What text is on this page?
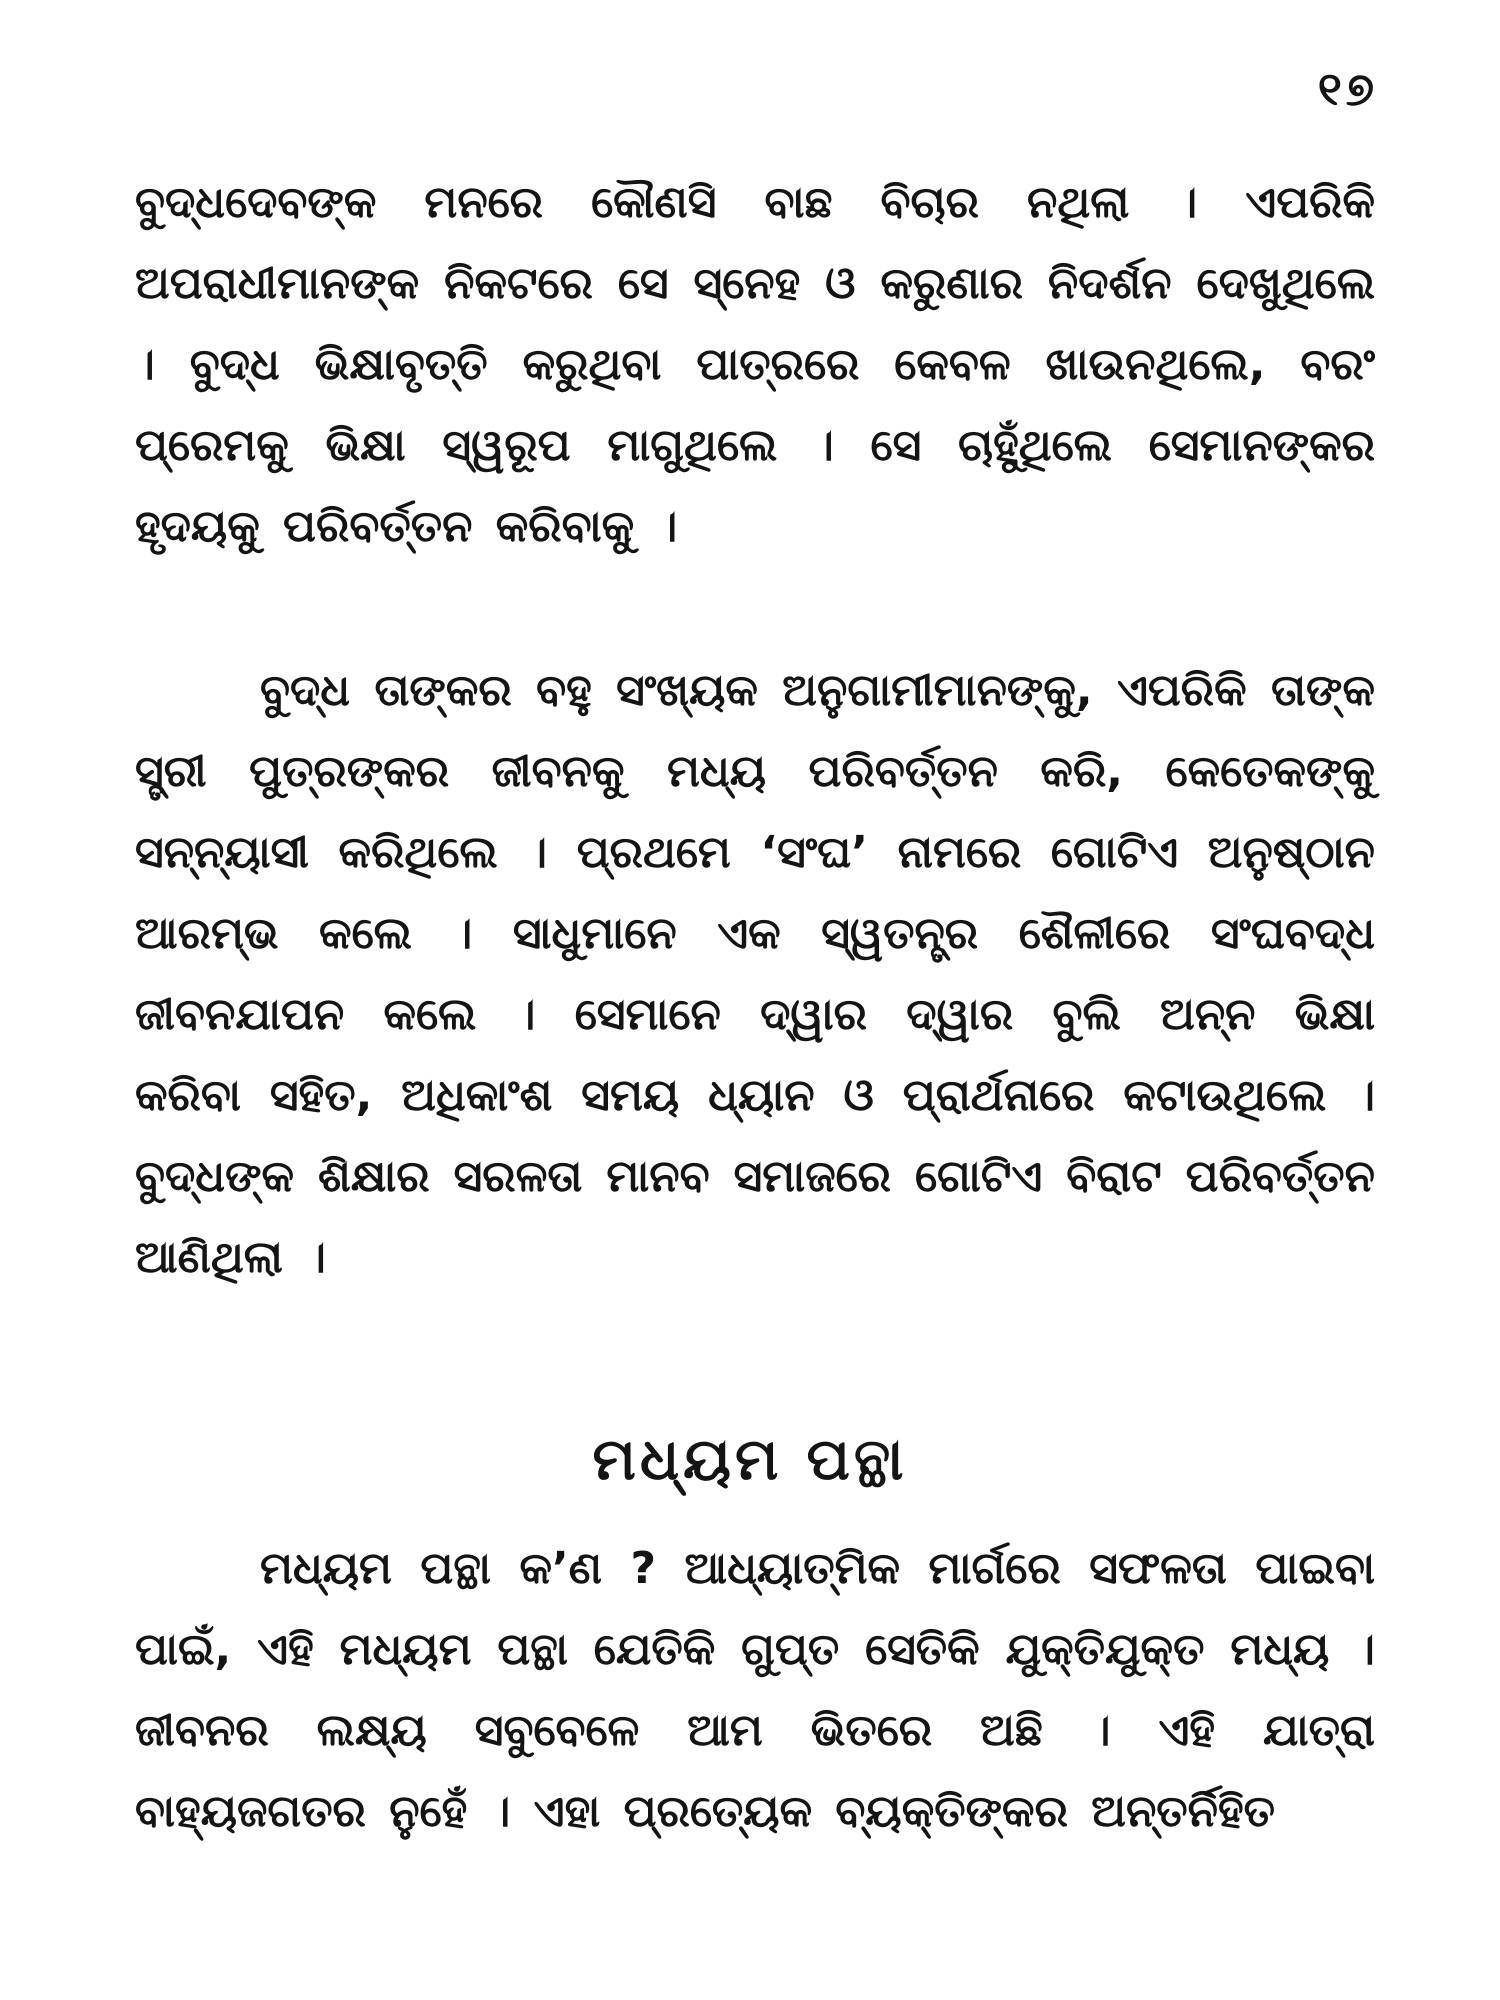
୧୭

ବୁଦ୍ଧଦେବଙ୍କ ମନରେ କୌଣସି ବାଛ ବିଚାର ନଥିଲା । ଏପରିକି ଅପରାଧୀମାନଙ୍କ ନିକଟରେ ସେ ସ୍ନେହ ଓ କରୁଣାର ନିଦର୍ଶନ ଦେଖୁଥିଲେ । ବୁଦ୍ଧ ଭିକ୍ଷାବୃତ୍ତି କରୁଥିବା ପାତ୍ରରେ କେବଳ ଖାଉନଥିଲେ, ବରଂ ପ୍ରେମକୁ ଭିକ୍ଷା ସ୍ୱରୂପ ମାଗୁଥିଲେ । ସେ ଚାହୁଁଥିଲେ ସେମାନଙ୍କର ହୃଦୟକୁ ପରିବର୍ତ୍ତନ କରିବାକୁ ।

ବୁଦ୍ଧ ତାଙ୍କର ବହୁ ସଂଖ୍ୟକ ଅନୁଗାମୀମାନଙ୍କୁ, ଏପରିକି ତାଙ୍କ ସ୍ତ୍ରୀ ପୁତ୍ରଙ୍କର ଜୀବନକୁ ମଧ୍ୟ ପରିବର୍ତ୍ତନ କରି, କେତେକଙ୍କୁ ସନ୍ନ୍ୟାସୀ କରିଥିଲେ । ପ୍ରଥମେ ‘ସଂଘ’ ନାମରେ ଗୋଟିଏ ଅନୁଷ୍ଠାନ ଆରମ୍ଭ କଲେ । ସାଧୁମାନେ ଏକ ସ୍ୱତନ୍ତ୍ର ଶୈଳୀରେ ସଂଘବଦ୍ଧ ଜୀବନଯାପନ କଲେ । ସେମାନେ ଦ୍ୱାର ଦ୍ୱାର ବୁଲି ଅନ୍ନ ଭିକ୍ଷା କରିବା ସହିତ, ଅଧିକାଂଶ ସମୟ ଧ୍ୟାନ ଓ ପ୍ରାର୍ଥନାରେ କଟାଉଥିଲେ । ବୁଦ୍ଧଙ୍କ ଶିକ୍ଷାର ସରଳତା ମାନବ ସମାଜରେ ଗୋଟିଏ ବିରାଟ ପରିବର୍ତ୍ତନ ଆଣିଥିଲା ।

ମଧ୍ୟମ ପନ୍ଥା

ମଧ୍ୟମ ପନ୍ଥା କ’ଣ ? ଆଧ୍ୟାତ୍ମିକ ମାର୍ଗରେ ସଫଳତା ପାଇବା ପାଇଁ, ଏହି ମଧ୍ୟମ ପନ୍ଥା ଯେତିକି ଗୁପ୍ତ ସେତିକି ଯୁକ୍ତିଯୁକ୍ତ ମଧ୍ୟ । ଜୀବନର ଲକ୍ଷ୍ୟ ସବୁବେଳେ ଆମ ଭିତରେ ଅଛି । ଏହି ଯାତ୍ରା ବାହ୍ୟଜଗତର ନୁହେଁ । ଏହା ପ୍ରତ୍ୟେକ ବ୍ୟକ୍ତିଙ୍କର ଅନ୍ତର୍ନିହିତ
